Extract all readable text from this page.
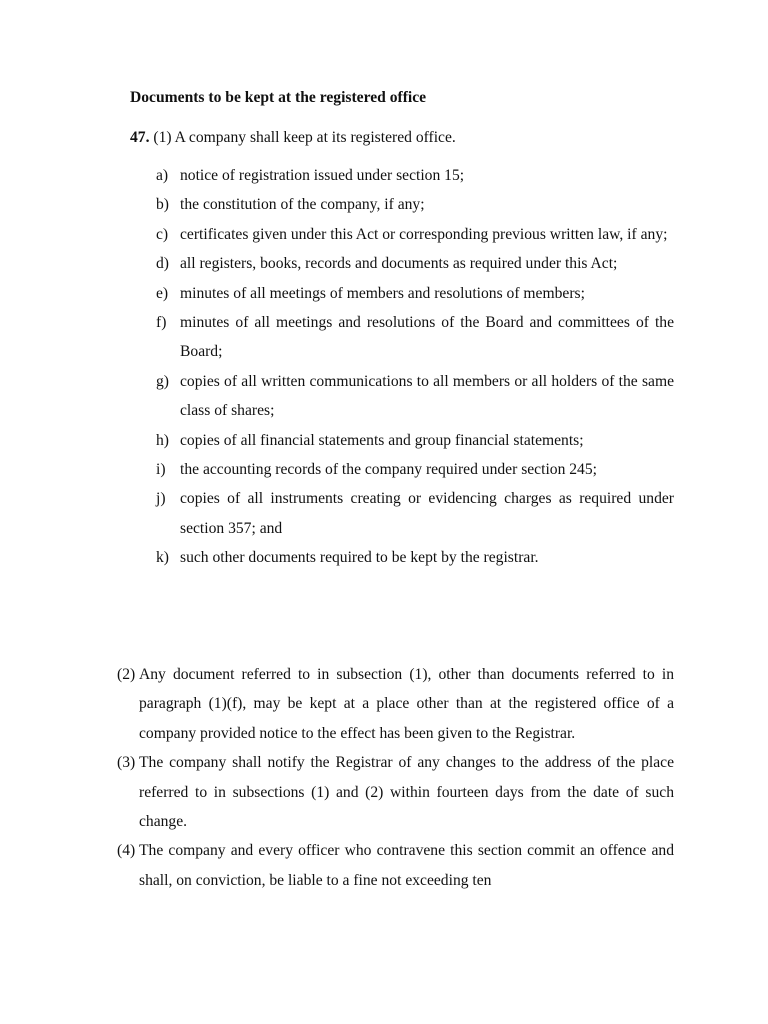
Documents to be kept at the registered office
47. (1) A company shall keep at its registered office.
a) notice of registration issued under section 15;
b) the constitution of the company, if any;
c) certificates given under this Act or corresponding previous written law, if any;
d) all registers, books, records and documents as required under this Act;
e) minutes of all meetings of members and resolutions of members;
f) minutes of all meetings and resolutions of the Board and committees of the Board;
g) copies of all written communications to all members or all holders of the same class of shares;
h) copies of all financial statements and group financial statements;
i) the accounting records of the company required under section 245;
j) copies of all instruments creating or evidencing charges as required under section 357; and
k) such other documents required to be kept by the registrar.
(2) Any document referred to in subsection (1), other than documents referred to in paragraph (1)(f), may be kept at a place other than at the registered office of a company provided notice to the effect has been given to the Registrar.
(3) The company shall notify the Registrar of any changes to the address of the place referred to in subsections (1) and (2) within fourteen days from the date of such change.
(4) The company and every officer who contravene this section commit an offence and shall, on conviction, be liable to a fine not exceeding ten
